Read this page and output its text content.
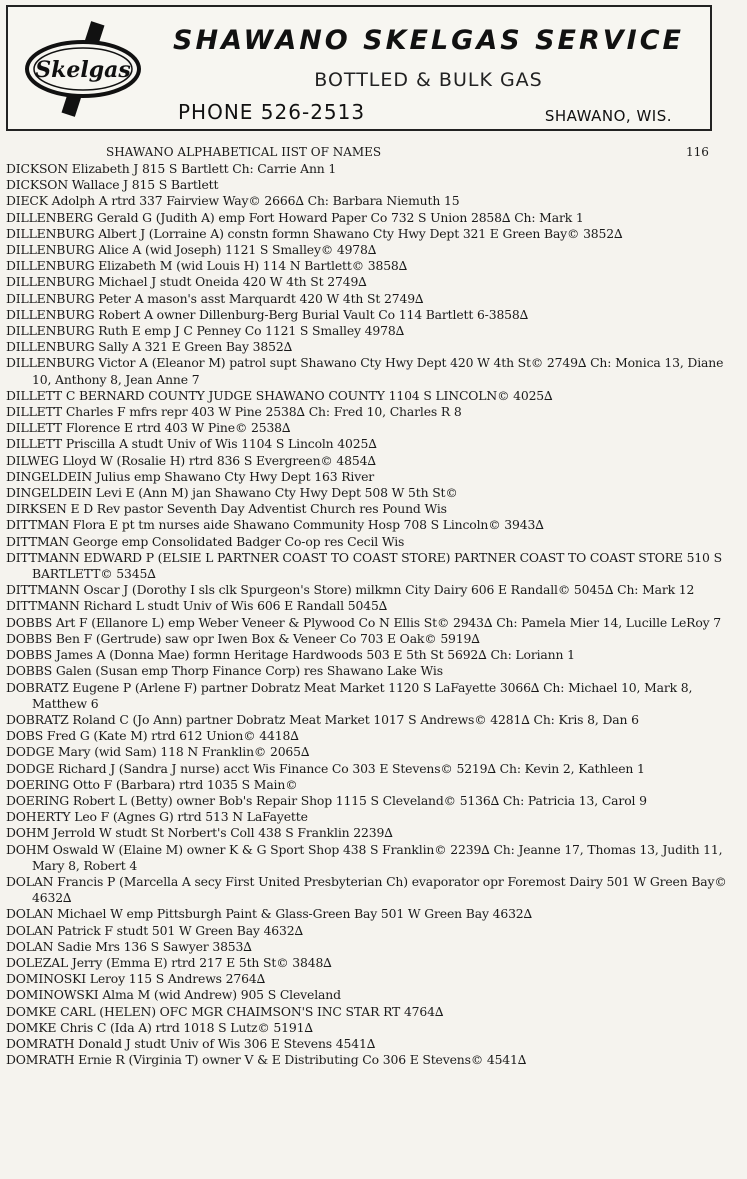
Skelgas
SHAWANO SKELGAS SERVICE
BOTTLED & BULK GAS
PHONE 526-2513	SHAWANO, WIS.
SHAWANO ALPHABETICAL IIST OF NAMES	116
DICKSON Elizabeth J 815 S Bartlett Ch: Carrie Ann 1
DICKSON Wallace J 815 S Bartlett
DIECK Adolph A rtrd 337 Fairview Way© 2666∆ Ch: Barbara Niemuth 15
DILLENBERG Gerald G (Judith A) emp Fort Howard Paper Co 732 S Union 2858∆ Ch: Mark 1
DILLENBURG Albert J (Lorraine A) constn formn Shawano Cty Hwy Dept 321 E Green Bay© 3852∆
DILLENBURG Alice A (wid Joseph) 1121 S Smalley© 4978∆
DILLENBURG Elizabeth M (wid Louis H) 114 N Bartlett© 3858∆
DILLENBURG Michael J studt Oneida 420 W 4th St 2749∆
DILLENBURG Peter A mason's asst Marquardt 420 W 4th St 2749∆
DILLENBURG Robert A owner Dillenburg-Berg Burial Vault Co 114 Bartlett 6-3858∆
DILLENBURG Ruth E emp J C Penney Co 1121 S Smalley 4978∆
DILLENBURG Sally A 321 E Green Bay 3852∆
DILLENBURG Victor A (Eleanor M) patrol supt Shawano Cty Hwy Dept 420 W 4th St© 2749∆ Ch: Monica 13, Diane 10, Anthony 8, Jean Anne 7
DILLETT C BERNARD COUNTY JUDGE SHAWANO COUNTY 1104 S LINCOLN© 4025∆
DILLETT Charles F mfrs repr 403 W Pine 2538∆ Ch: Fred 10, Charles R 8
DILLETT Florence E rtrd 403 W Pine© 2538∆
DILLETT Priscilla A studt Univ of Wis 1104 S Lincoln 4025∆
DILWEG Lloyd W (Rosalie H) rtrd 836 S Evergreen© 4854∆
DINGELDEIN Julius emp Shawano Cty Hwy Dept 163 River
DINGELDEIN Levi E (Ann M) jan Shawano Cty Hwy Dept 508 W 5th St©
DIRKSEN E D Rev pastor Seventh Day Adventist Church res Pound Wis
DITTMAN Flora E pt tm nurses aide Shawano Community Hosp 708 S Lincoln© 3943∆
DITTMAN George emp Consolidated Badger Co-op res Cecil Wis
DITTMANN EDWARD P (ELSIE L PARTNER COAST TO COAST STORE) PARTNER COAST TO COAST STORE 510 S BARTLETT© 5345∆
DITTMANN Oscar J (Dorothy I sls clk Spurgeon's Store) milkmn City Dairy 606 E Randall© 5045∆ Ch: Mark 12
DITTMANN Richard L studt Univ of Wis 606 E Randall 5045∆
DOBBS Art F (Ellanore L) emp Weber Veneer & Plywood Co N Ellis St© 2943∆ Ch: Pamela Mier 14, Lucille LeRoy 7
DOBBS Ben F (Gertrude) saw opr Iwen Box & Veneer Co 703 E Oak© 5919∆
DOBBS James A (Donna Mae) formn Heritage Hardwoods 503 E 5th St 5692∆ Ch: Loriann 1
DOBBS Galen (Susan emp Thorp Finance Corp) res Shawano Lake Wis
DOBRATZ Eugene P (Arlene F) partner Dobratz Meat Market 1120 S LaFayette 3066∆ Ch: Michael 10, Mark 8, Matthew 6
DOBRATZ Roland C (Jo Ann) partner Dobratz Meat Market 1017 S Andrews© 4281∆ Ch: Kris 8, Dan 6
DOBS Fred G (Kate M) rtrd 612 Union© 4418∆
DODGE Mary (wid Sam) 118 N Franklin© 2065∆
DODGE Richard J (Sandra J nurse) acct Wis Finance Co 303 E Stevens© 5219∆ Ch: Kevin 2, Kathleen 1
DOERING Otto F (Barbara) rtrd 1035 S Main©
DOERING Robert L (Betty) owner Bob's Repair Shop 1115 S Cleveland© 5136∆ Ch: Patricia 13, Carol 9
DOHERTY Leo F (Agnes G) rtrd 513 N LaFayette
DOHM Jerrold W studt St Norbert's Coll 438 S Franklin 2239∆
DOHM Oswald W (Elaine M) owner K & G Sport Shop 438 S Franklin© 2239∆ Ch: Jeanne 17, Thomas 13, Judith 11, Mary 8, Robert 4
DOLAN Francis P (Marcella A secy First United Presbyterian Ch) evaporator opr Foremost Dairy 501 W Green Bay© 4632∆
DOLAN Michael W emp Pittsburgh Paint & Glass-Green Bay 501 W Green Bay 4632∆
DOLAN Patrick F studt 501 W Green Bay 4632∆
DOLAN Sadie Mrs 136 S Sawyer 3853∆
DOLEZAL Jerry (Emma E) rtrd 217 E 5th St© 3848∆
DOMINOSKI Leroy 115 S Andrews 2764∆
DOMINOWSKI Alma M (wid Andrew) 905 S Cleveland
DOMKE CARL (HELEN) OFC MGR CHAIMSON'S INC STAR RT 4764∆
DOMKE Chris C (Ida A) rtrd 1018 S Lutz© 5191∆
DOMRATH Donald J studt Univ of Wis 306 E Stevens 4541∆
DOMRATH Ernie R (Virginia T) owner V & E Distributing Co 306 E Stevens© 4541∆
